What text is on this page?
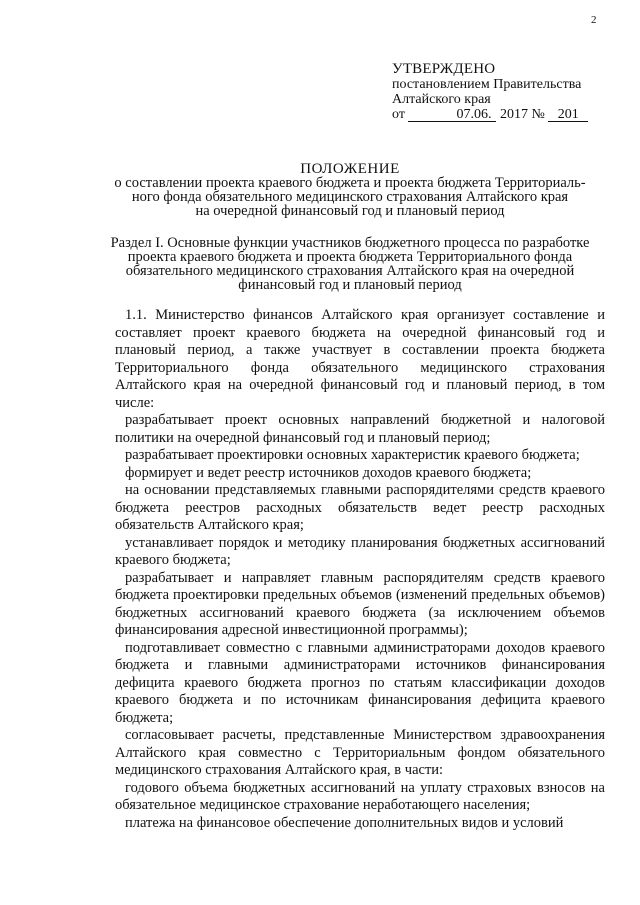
2
УТВЕРЖДЕНО
постановлением Правительства
Алтайского края
от	07.06. 2017 № 201
ПОЛОЖЕНИЕ
о составлении проекта краевого бюджета и проекта бюджета Территориаль-
ного фонда обязательного медицинского страхования Алтайского края
на очередной финансовый год и плановый период
Раздел I. Основные функции участников бюджетного процесса по разработке
проекта краевого бюджета и проекта бюджета Территориального фонда
обязательного медицинского страхования Алтайского края на очередной
финансовый год и плановый период

1.1. Министерство финансов Алтайского края организует составление и составляет проект краевого бюджета на очередной финансовый год и плановый период, а также участвует в составлении проекта бюджета Территориального фонда обязательного медицинского страхования Алтайского края на очередной финансовый год и плановый период, в том числе:

разрабатывает проект основных направлений бюджетной и налоговой политики на очередной финансовый год и плановый период;

разрабатывает проектировки основных характеристик краевого бюджета;

формирует и ведет реестр источников доходов краевого бюджета;

на основании представляемых главными распорядителями средств краевого бюджета реестров расходных обязательств ведет реестр расходных обязательств Алтайского края;

устанавливает порядок и методику планирования бюджетных ассигнований краевого бюджета;

разрабатывает и направляет главным распорядителям средств краевого бюджета проектировки предельных объемов (изменений предельных объемов) бюджетных ассигнований краевого бюджета (за исключением объемов финансирования адресной инвестиционной программы);

подготавливает совместно с главными администраторами доходов краевого бюджета и главными администраторами источников финансирования дефицита краевого бюджета прогноз по статьям классификации доходов краевого бюджета и по источникам финансирования дефицита краевого бюджета;

согласовывает расчеты, представленные Министерством здравоохранения Алтайского края совместно с Территориальным фондом обязательного медицинского страхования Алтайского края, в части:

годового объема бюджетных ассигнований на уплату страховых взносов на обязательное медицинское страхование неработающего населения;

платежа на финансовое обеспечение дополнительных видов и условий
